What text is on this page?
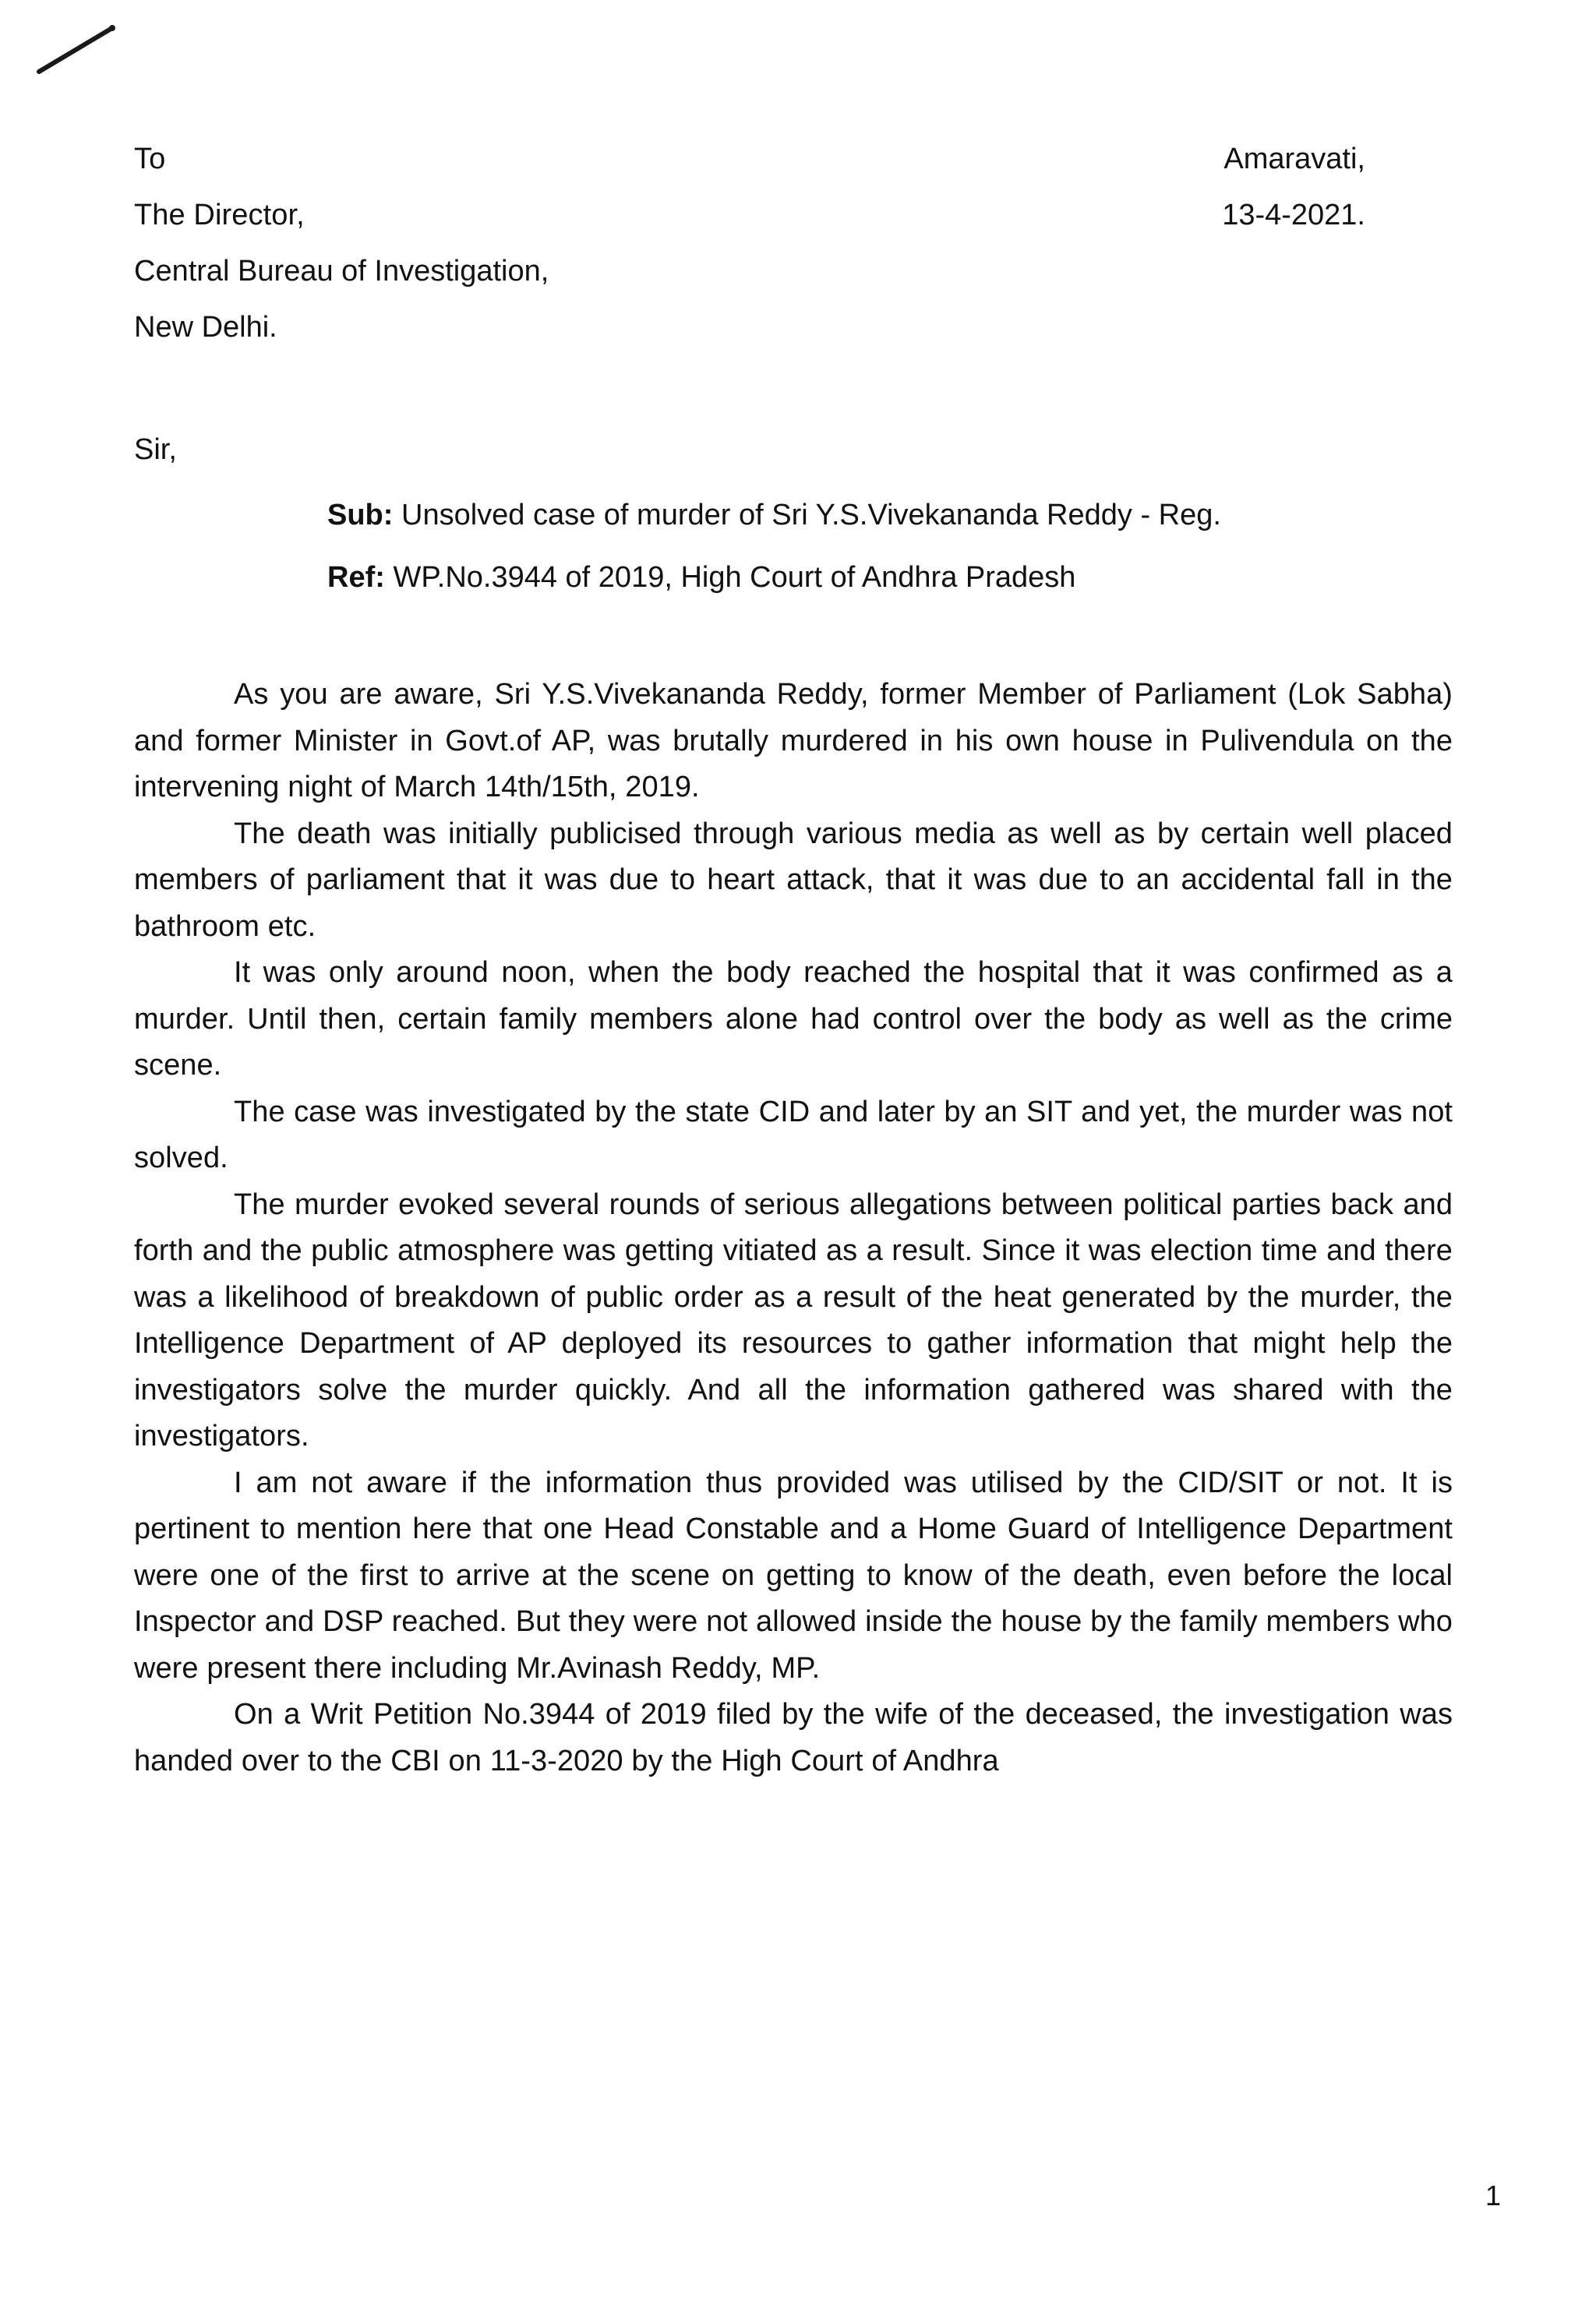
To	Amaravati,
The Director,	13-4-2021.
Central Bureau of Investigation,
New Delhi.
Sir,
Sub: Unsolved case of murder of Sri Y.S.Vivekananda Reddy - Reg.
Ref: WP.No.3944 of 2019, High Court of Andhra Pradesh

As you are aware, Sri Y.S.Vivekananda Reddy, former Member of Parliament (Lok Sabha) and former Minister in Govt.of AP, was brutally murdered in his own house in Pulivendula on the intervening night of March 14th/15th, 2019.

The death was initially publicised through various media as well as by certain well placed members of parliament that it was due to heart attack, that it was due to an accidental fall in the bathroom etc.

It was only around noon, when the body reached the hospital that it was confirmed as a murder. Until then, certain family members alone had control over the body as well as the crime scene.

The case was investigated by the state CID and later by an SIT and yet, the murder was not solved.

The murder evoked several rounds of serious allegations between political parties back and forth and the public atmosphere was getting vitiated as a result. Since it was election time and there was a likelihood of breakdown of public order as a result of the heat generated by the murder, the Intelligence Department of AP deployed its resources to gather information that might help the investigators solve the murder quickly. And all the information gathered was shared with the investigators.

I am not aware if the information thus provided was utilised by the CID/SIT or not. It is pertinent to mention here that one Head Constable and a Home Guard of Intelligence Department were one of the first to arrive at the scene on getting to know of the death, even before the local Inspector and DSP reached. But they were not allowed inside the house by the family members who were present there including Mr.Avinash Reddy, MP.

On a Writ Petition No.3944 of 2019 filed by the wife of the deceased, the investigation was handed over to the CBI on 11-3-2020 by the High Court of Andhra

1
